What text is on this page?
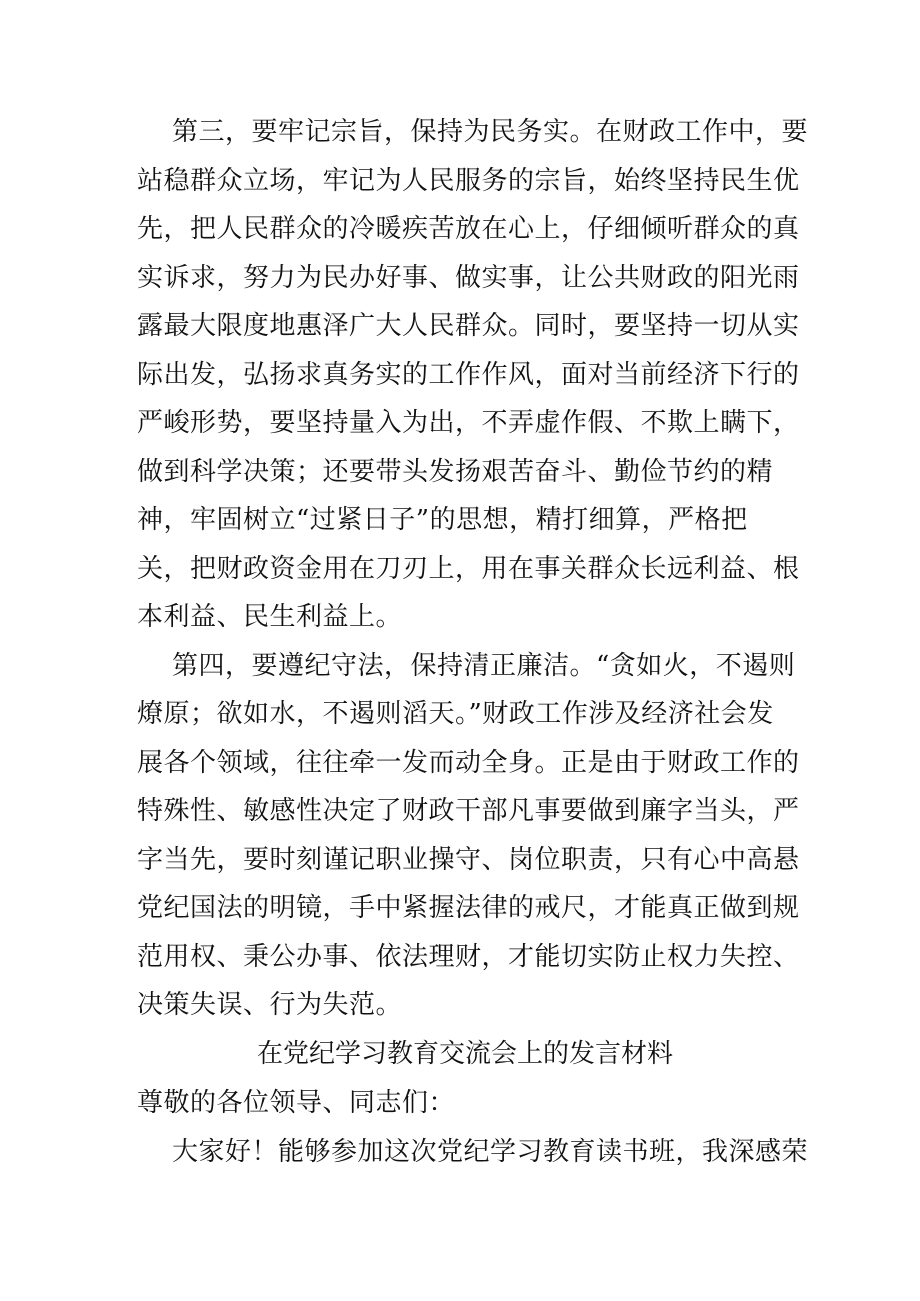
第三，要牢记宗旨，保持为民务实。在财政工作中，要
站稳群众立场，牢记为人民服务的宗旨，始终坚持民生优
先，把人民群众的冷暖疾苦放在心上，仔细倾听群众的真
实诉求，努力为民办好事、做实事，让公共财政的阳光雨
露最大限度地惠泽广大人民群众。同时，要坚持一切从实
际出发，弘扬求真务实的工作作风，面对当前经济下行的
严峻形势，要坚持量入为出，不弄虚作假、不欺上瞒下，
做到科学决策；还要带头发扬艰苦奋斗、勤俭节约的精
神，牢固树立“过紧日子”的思想，精打细算，严格把
关，把财政资金用在刀刃上，用在事关群众长远利益、根
本利益、民生利益上。
第四，要遵纪守法，保持清正廉洁。“贪如火，不遏则
燎原；欲如水，不遏则滔天。”财政工作涉及经济社会发
展各个领域，往往牵一发而动全身。正是由于财政工作的
特殊性、敏感性决定了财政干部凡事要做到廉字当头，严
字当先，要时刻谨记职业操守、岗位职责，只有心中高悬
党纪国法的明镜，手中紧握法律的戒尺，才能真正做到规
范用权、秉公办事、依法理财，才能切实防止权力失控、
决策失误、行为失范。
在党纪学习教育交流会上的发言材料
尊敬的各位领导、同志们：
大家好！能够参加这次党纪学习教育读书班，我深感荣
